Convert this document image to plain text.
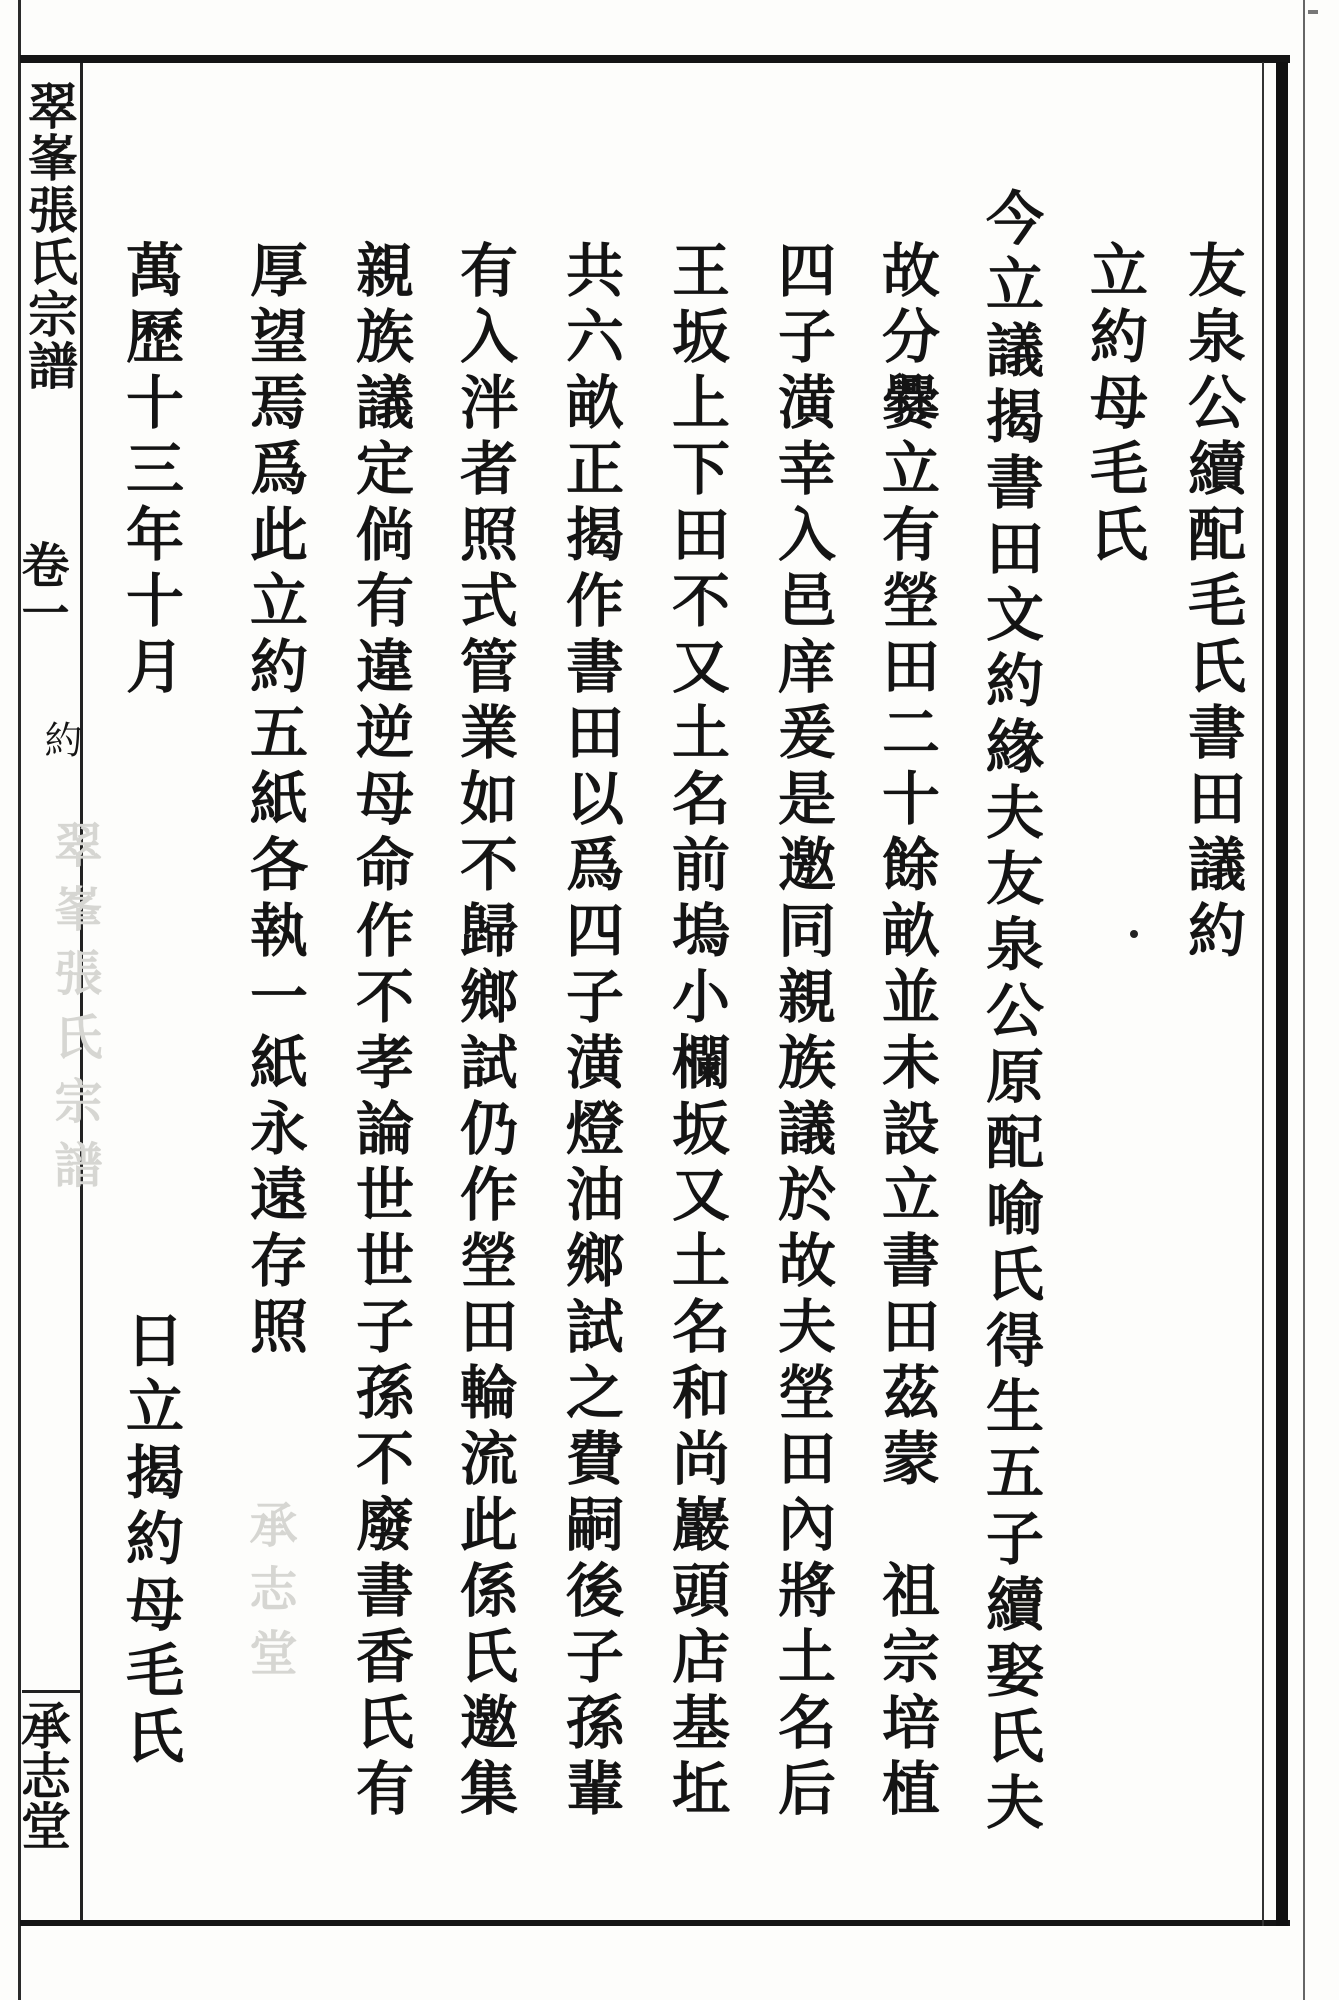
翠峯張氏宗譜
卷一
約
承志堂
翠峯張氏宗譜
承志堂
友泉公續配毛氏書田議約
立約母毛氏
今立議揭書田文約緣夫友泉公原配喻氏得生五子續娶氏夫
故分爨立有塋田二十餘畝並未設立書田茲蒙　祖宗培植
四子潢幸入邑庠爰是邀同親族議於故夫塋田內將土名后
王坂上下田不又土名前塢小欄坂又土名和尚巖頭店基坵
共六畝正揭作書田以爲四子潢燈油鄉試之費嗣後子孫輩
有入泮者照式管業如不歸鄉試仍作塋田輪流此係氏邀集
親族議定倘有違逆母命作不孝論世世子孫不廢書香氏有
厚望焉爲此立約五紙各執一紙永遠存照
萬歷十三年十月
日立揭約母毛氏
